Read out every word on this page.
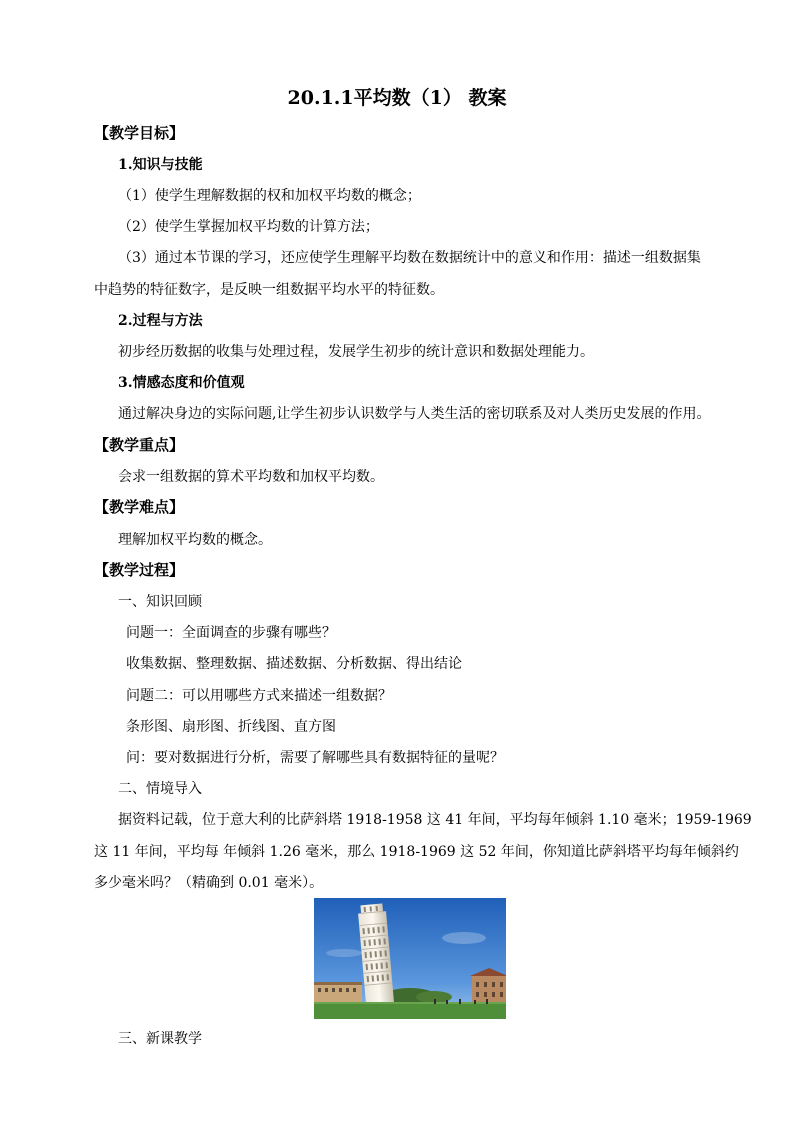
20.1.1平均数（1） 教案
【教学目标】
1.知识与技能
（1）使学生理解数据的权和加权平均数的概念；
（2）使学生掌握加权平均数的计算方法；
（3）通过本节课的学习，还应使学生理解平均数在数据统计中的意义和作用：描述一组数据集
中趋势的特征数字，是反映一组数据平均水平的特征数。
2.过程与方法
初步经历数据的收集与处理过程，发展学生初步的统计意识和数据处理能力。
3.情感态度和价值观
通过解决身边的实际问题,让学生初步认识数学与人类生活的密切联系及对人类历史发展的作用。
【教学重点】
会求一组数据的算术平均数和加权平均数。
【教学难点】
理解加权平均数的概念。
【教学过程】
一、知识回顾
问题一：全面调查的步骤有哪些？
收集数据、整理数据、描述数据、分析数据、得出结论
问题二：可以用哪些方式来描述一组数据？
条形图、扇形图、折线图、直方图
问：要对数据进行分析，需要了解哪些具有数据特征的量呢？
二、情境导入
据资料记载，位于意大利的比萨斜塔 1918-1958 这 41 年间，平均每年倾斜 1.10 毫米；1959-1969
这 11 年间，平均每 年倾斜 1.26 毫米，那么 1918-1969 这 52 年间，你知道比萨斜塔平均每年倾斜约
多少毫米吗？（精确到 0.01 毫米）。
三、新课教学
